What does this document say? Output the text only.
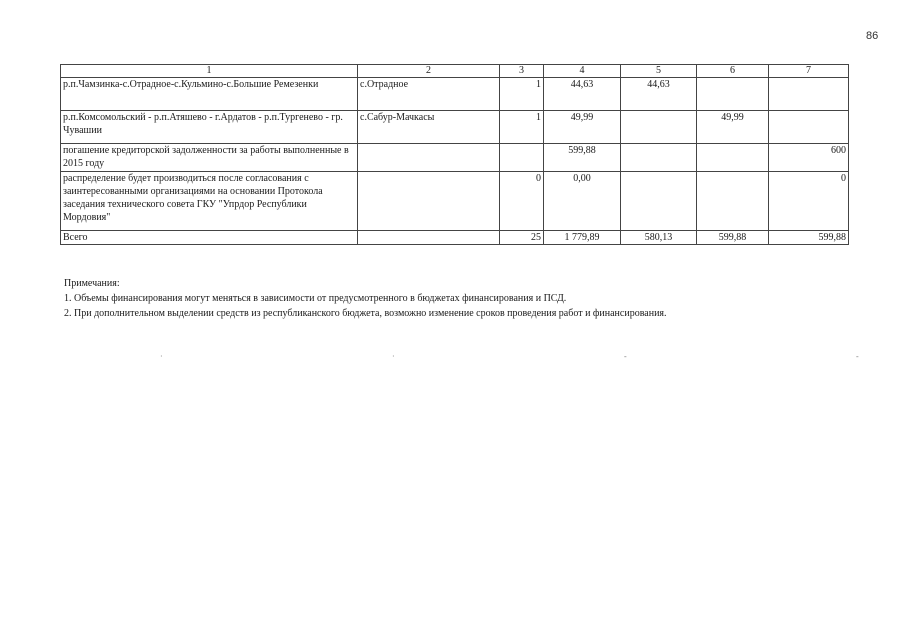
86
1	2	3	4	5	6	7
р.п.Чамзинка-с.Отрадное-с.Кульмино-с.Большие Ремезенки	с.Отрадное	1	44,63	44,63		
р.п.Комсомольский - р.п.Атяшево - г.Ардатов - р.п.Тургенево - гр. Чувашии	с.Сабур-Мачкасы	1	49,99		49,99	
погашение кредиторской задолженности за работы выполненные в 2015 году			599,88			600
распределение будет производиться после согласования с заинтересованными организациями на основании Протокола заседания технического совета ГКУ "Упрдор Республики Мордовия"		0	0,00			0
Всего		25	1 779,89	580,13	599,88	599,88
Примечания:
1. Объемы финансирования могут меняться в зависимости от предусмотренного в бюджетах финансирования и ПСД.
2. При дополнительном выделении средств из республиканского бюджета, возможно изменение сроков проведения работ и финансирования.
·	·	-	-
